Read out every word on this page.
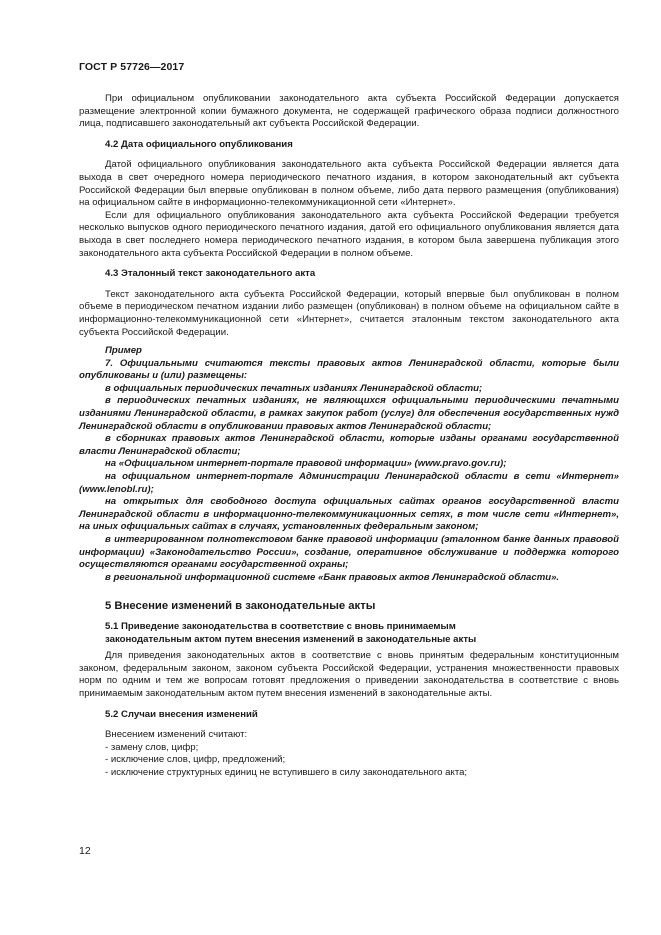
ГОСТ Р 57726—2017

При официальном опубликовании законодательного акта субъекта Российской Федерации допускается размещение электронной копии бумажного документа, не содержащей графического образа подписи должностного лица, подписавшего законодательный акт субъекта Российской Федерации.

4.2 Дата официального опубликования

Датой официального опубликования законодательного акта субъекта Российской Федерации является дата выхода в свет очередного номера периодического печатного издания, в котором законодательный акт субъекта Российской Федерации был впервые опубликован в полном объеме, либо дата первого размещения (опубликования) на официальном сайте в информационно-телекоммуникационной сети «Интернет».

Если для официального опубликования законодательного акта субъекта Российской Федерации требуется несколько выпусков одного периодического печатного издания, датой его официального опубликования является дата выхода в свет последнего номера периодического печатного издания, в котором была завершена публикация этого законодательного акта субъекта Российской Федерации в полном объеме.

4.3 Эталонный текст законодательного акта

Текст законодательного акта субъекта Российской Федерации, который впервые был опубликован в полном объеме в периодическом печатном издании либо размещен (опубликован) в полном объеме на официальном сайте в информационно-телекоммуникационной сети «Интернет», считается эталонным текстом законодательного акта субъекта Российской Федерации.

Пример

7. Официальными считаются тексты правовых актов Ленинградской области, которые были опубликованы и (или) размещены:

в официальных периодических печатных изданиях Ленинградской области;

в периодических печатных изданиях, не являющихся официальными периодическими печатными изданиями Ленинградской области, в рамках закупок работ (услуг) для обеспечения государственных нужд Ленинградской области в опубликовании правовых актов Ленинградской области;

в сборниках правовых актов Ленинградской области, которые изданы органами государственной власти Ленинградской области;

на «Официальном интернет-портале правовой информации» (www.pravo.gov.ru);

на официальном интернет-портале Администрации Ленинградской области в сети «Интернет» (www.lenobl.ru);

на открытых для свободного доступа официальных сайтах органов государственной власти Ленинградской области в информационно-телекоммуникационных сетях, в том числе сети «Интернет», на иных официальных сайтах в случаях, установленных федеральным законом;

в интегрированном полнотекстовом банке правовой информации (эталонном банке данных правовой информации) «Законодательство России», создание, оперативное обслуживание и поддержка которого осуществляются органами государственной охраны;

в региональной информационной системе «Банк правовых актов Ленинградской области».

5 Внесение изменений в законодательные акты
5.1 Приведение законодательства в соответствие с вновь принимаемым
законодательным актом путем внесения изменений в законодательные акты

Для приведения законодательных актов в соответствие с вновь принятым федеральным конституционным законом, федеральным законом, законом субъекта Российской Федерации, устранения множественности правовых норм по одним и тем же вопросам готовят предложения о приведении законодательства в соответствие с вновь принимаемым законодательным актом путем внесения изменений в законодательные акты.

5.2 Случаи внесения изменений

Внесением изменений считают:

- замену слов, цифр;

- исключение слов, цифр, предложений;

- исключение структурных единиц не вступившего в силу законодательного акта;

12
